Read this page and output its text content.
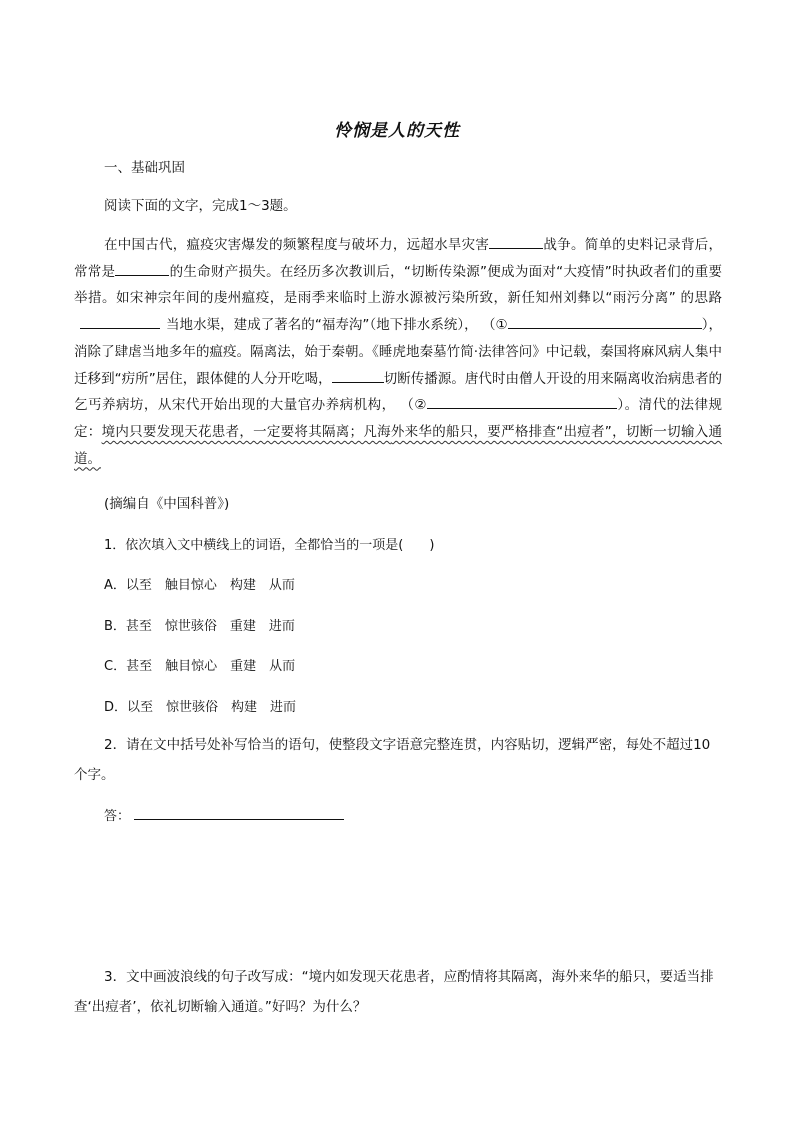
怜悯是人的天性
一、基础巩固
阅读下面的文字，完成1～3题。
在中国古代，瘟疫灾害爆发的频繁程度与破坏力，远超水旱灾害	战争。简单的史料记录背后， 常常是	的生命财产损失。在经历多次教训后，“切断传染源”便成为面对“大疫情”时执政者们的重要举措。如宋神宗年间的虔州瘟疫，是雨季来临时上游水源被污染所致，新任知州刘彝以“雨污分离” 的思路当地水渠，建成了著名的“福寿沟”（地下排水系统）， （①	），消除了肆虐当地多年的瘟疫。隔离法，始于秦朝。《睡虎地秦墓竹简·法律答问》中记载，秦国将麻风病人集中迁移到“疠所”居住，跟体健的人分开吃喝，	切断传播源。唐代时由僧人开设的用来隔离收治病患者的乞丐养病坊，从宋代开始出现的大量官办养病机构， （②	）。清代的法律规定：境内只要发现天花患者，一定要将其隔离；凡海外来华的船只，要严格排查“出痘者”，切断一切输入通道。
(摘编自《中国科普》)
1．依次填入文中横线上的词语，全都恰当的一项是(　　)
A．以至　触目惊心　构建　从而
B．甚至　惊世骇俗　重建　进而
C．甚至　触目惊心　重建　从而
D．以至　惊世骇俗　构建　进而
2．请在文中括号处补写恰当的语句，使整段文字语意完整连贯，内容贴切，逻辑严密，每处不超过10个字。
答：
3．文中画波浪线的句子改写成：“境内如发现天花患者，应酌情将其隔离，海外来华的船只，要适当排查‘出痘者’，依礼切断输入通道。”好吗？为什么？
